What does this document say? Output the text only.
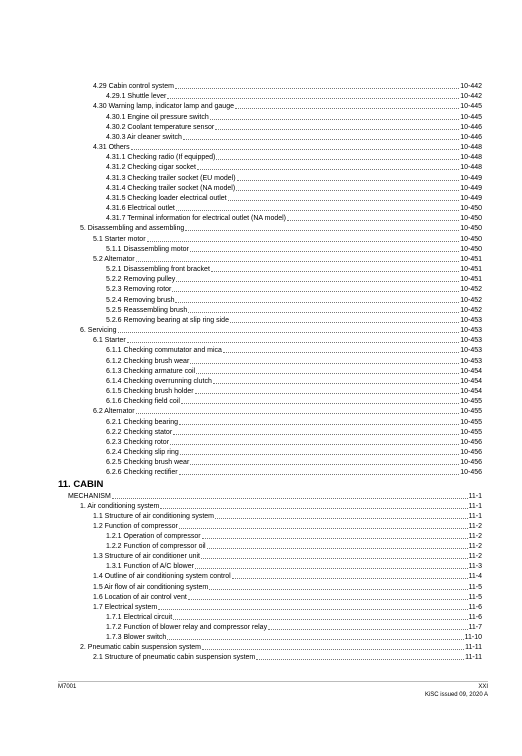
4.29 Cabin control system	10-442
4.29.1 Shuttle lever	10-442
4.30 Warning lamp, indicator lamp and gauge	10-445
4.30.1 Engine oil pressure switch	10-445
4.30.2 Coolant temperature sensor	10-446
4.30.3 Air cleaner switch	10-446
4.31 Others	10-448
4.31.1 Checking radio (If equipped)	10-448
4.31.2 Checking cigar socket	10-448
4.31.3 Checking trailer socket (EU model)	10-449
4.31.4 Checking trailer socket (NA model)	10-449
4.31.5 Checking loader electrical outlet	10-449
4.31.6 Electrical outlet	10-450
4.31.7 Terminal information for electrical outlet (NA model)	10-450
5. Disassembling and assembling	10-450
5.1 Starter motor	10-450
5.1.1 Disassembling motor	10-450
5.2 Alternator	10-451
5.2.1 Disassembling front bracket	10-451
5.2.2 Removing pulley	10-451
5.2.3 Removing rotor	10-452
5.2.4 Removing brush	10-452
5.2.5 Reassembling brush	10-452
5.2.6 Removing bearing at slip ring side	10-453
6. Servicing	10-453
6.1 Starter	10-453
6.1.1 Checking commutator and mica	10-453
6.1.2 Checking brush wear	10-453
6.1.3 Checking armature coil	10-454
6.1.4 Checking overrunning clutch	10-454
6.1.5 Checking brush holder	10-454
6.1.6 Checking field coil	10-455
6.2 Alternator	10-455
6.2.1 Checking bearing	10-455
6.2.2 Checking stator	10-455
6.2.3 Checking rotor	10-456
6.2.4 Checking slip ring	10-456
6.2.5 Checking brush wear	10-456
6.2.6 Checking rectifier	10-456
11. CABIN
MECHANISM	11-1
1. Air conditioning system	11-1
1.1 Structure of air conditioning system	11-1
1.2 Function of compressor	11-2
1.2.1 Operation of compressor	11-2
1.2.2 Function of compressor oil	11-2
1.3 Structure of air conditioner unit	11-2
1.3.1 Function of A/C blower	11-3
1.4 Outline of air conditioning system control	11-4
1.5 Air flow of air conditioning system	11-5
1.6 Location of air control vent	11-5
1.7 Electrical system	11-6
1.7.1 Electrical circuit	11-6
1.7.2 Function of blower relay and compressor relay	11-7
1.7.3 Blower switch	11-10
2. Pneumatic cabin suspension system	11-11
2.1 Structure of pneumatic cabin suspension system	11-11
M7001	XXI
KiSC issued 09, 2020 A
